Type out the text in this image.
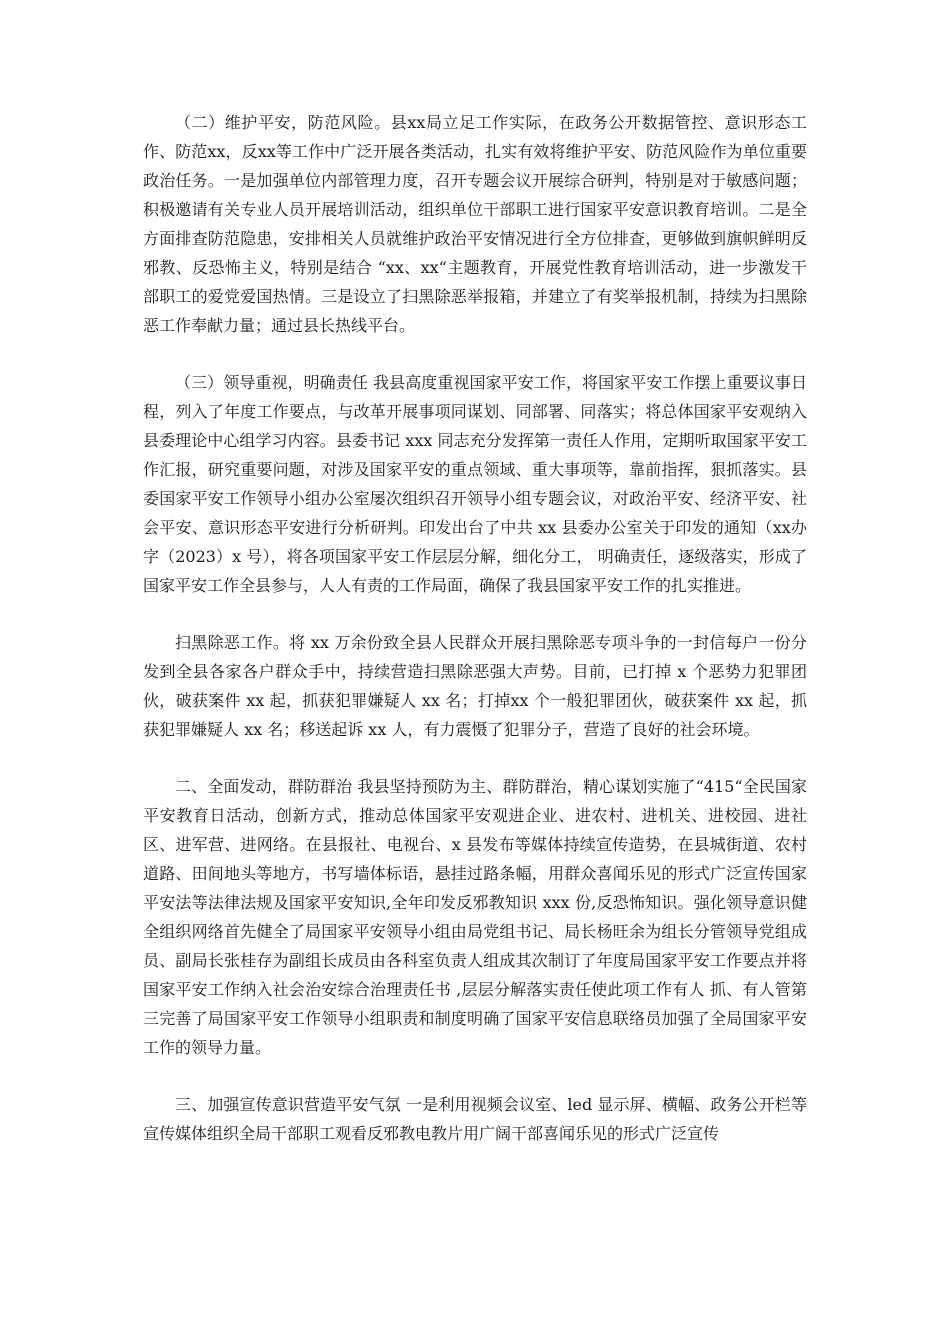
（二）维护平安，防范风险。县xx局立足工作实际，在政务公开数据管控、意识形态工作、防范xx，反xx等工作中广泛开展各类活动，扎实有效将维护平安、防范风险作为单位重要政治任务。一是加强单位内部管理力度，召开专题会议开展综合研判，特别是对于敏感问题；积极邀请有关专业人员开展培训活动，组织单位干部职工进行国家平安意识教育培训。二是全方面排查防范隐患，安排相关人员就维护政治平安情况进行全方位排查，更够做到旗帜鲜明反邪教、反恐怖主义，特别是结合 “xx、xx“主题教育，开展党性教育培训活动，进一步激发干部职工的爱党爱国热情。三是设立了扫黑除恶举报箱，并建立了有奖举报机制，持续为扫黑除恶工作奉献力量；通过县长热线平台。

（三）领导重视，明确责任 我县高度重视国家平安工作，将国家平安工作摆上重要议事日程，列入了年度工作要点，与改革开展事项同谋划、同部署、同落实；将总体国家平安观纳入县委理论中心组学习内容。县委书记 xxx 同志充分发挥第一责任人作用，定期听取国家平安工作汇报，研究重要问题，对涉及国家平安的重点领域、重大事项等，靠前指挥，狠抓落实。县委国家平安工作领导小组办公室屡次组织召开领导小组专题会议，对政治平安、经济平安、社会平安、意识形态平安进行分析研判。印发出台了中共 xx 县委办公室关于印发的通知（xx办字（2023）x 号），将各项国家平安工作层层分解，细化分工， 明确责任，逐级落实，形成了国家平安工作全县参与，人人有责的工作局面，确保了我县国家平安工作的扎实推进。

扫黑除恶工作。将 xx 万余份致全县人民群众开展扫黑除恶专项斗争的一封信每户一份分发到全县各家各户群众手中，持续营造扫黑除恶强大声势。目前，已打掉 x 个恶势力犯罪团伙，破获案件 xx 起，抓获犯罪嫌疑人 xx 名；打掉xx 个一般犯罪团伙，破获案件 xx 起，抓获犯罪嫌疑人 xx 名；移送起诉 xx 人，有力震慑了犯罪分子，营造了良好的社会环境。

二、全面发动，群防群治 我县坚持预防为主、群防群治，精心谋划实施了“415“全民国家平安教育日活动，创新方式，推动总体国家平安观进企业、进农村、进机关、进校园、进社区、进军营、进网络。在县报社、电视台、x 县发布等媒体持续宣传造势，在县城街道、农村道路、田间地头等地方，书写墙体标语，悬挂过路条幅，用群众喜闻乐见的形式广泛宣传国家平安法等法律法规及国家平安知识,全年印发反邪教知识 xxx 份,反恐怖知识。强化领导意识健全组织网络首先健全了局国家平安领导小组由局党组书记、局长杨旺余为组长分管领导党组成员、副局长张桂存为副组长成员由各科室负责人组成其次制订了年度局国家平安工作要点并将国家平安工作纳入社会治安综合治理责任书 ,层层分解落实责任使此项工作有人 抓、有人管第三完善了局国家平安工作领导小组职责和制度明确了国家平安信息联络员加强了全局国家平安工作的领导力量。

三、加强宣传意识营造平安气氛 一是利用视频会议室、led 显示屏、横幅、政务公开栏等宣传媒体组织全局干部职工观看反邪教电教片用广阔干部喜闻乐见的形式广泛宣传
